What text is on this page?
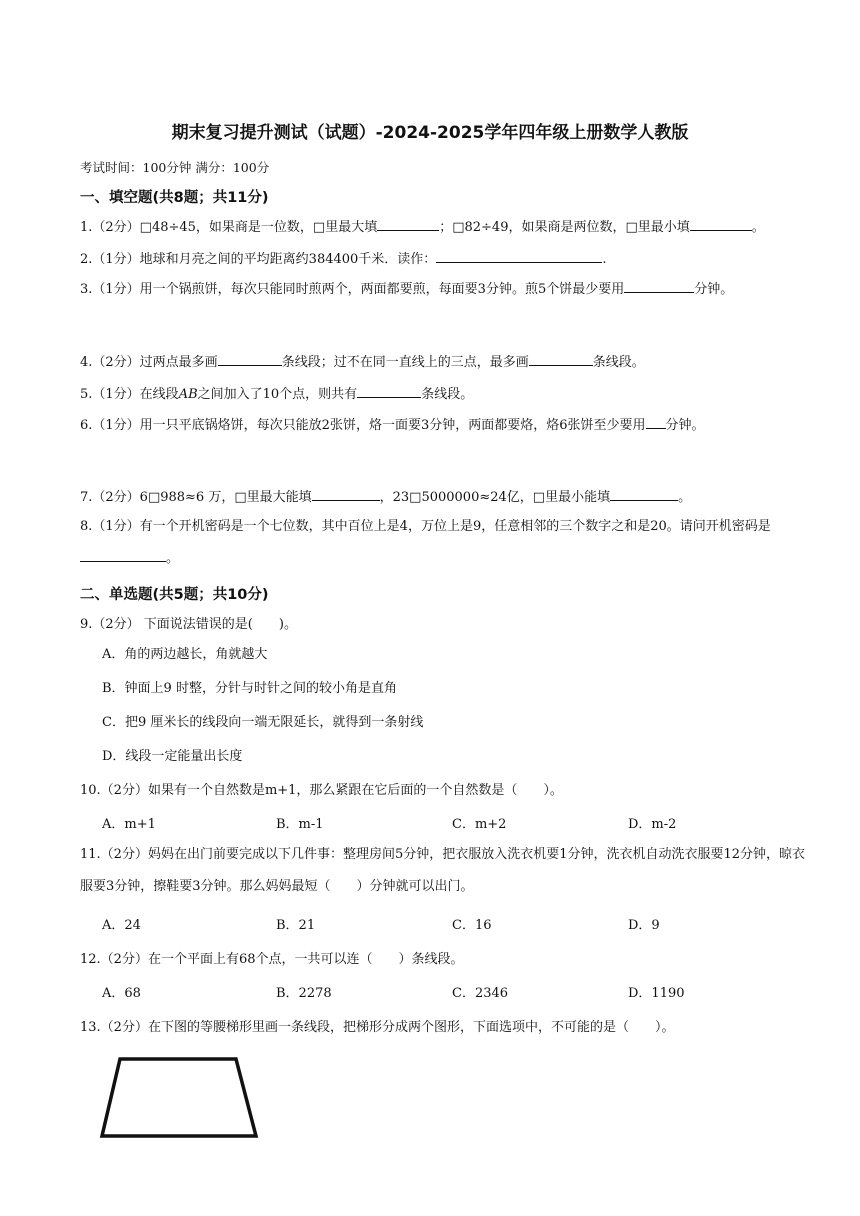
期末复习提升测试（试题）-2024-2025学年四年级上册数学人教版
考试时间：100分钟 满分：100分
一、填空题(共8题；共11分)
1.（2分）□48÷45，如果商是一位数，□里最大填	；□82÷49，如果商是两位数，□里最小填	。
2.（1分）地球和月亮之间的平均距离约384400千米．读作：	.
3.（1分）用一个锅煎饼，每次只能同时煎两个，两面都要煎，每面要3分钟。煎5个饼最少要用	分钟。
4.（2分）过两点最多画	条线段；过不在同一直线上的三点，最多画	条线段。
5.（1分）在线段AB之间加入了10个点，则共有	条线段。
6.（1分）用一只平底锅烙饼，每次只能放2张饼，烙一面要3分钟，两面都要烙，烙6张饼至少要用 分钟。
7.（2分）6□988≈6 万，□里最大能填	，23□5000000≈24亿，□里最小能填	。
8.（1分）有一个开机密码是一个七位数，其中百位上是4，万位上是9，任意相邻的三个数字之和是20。请问开机密码是。
二、单选题(共5题；共10分)
9.（2分） 下面说法错误的是(　　)。
A．角的两边越长，角就越大
B．钟面上9 时整，分针与时针之间的较小角是直角
C．把9 厘米长的线段向一端无限延长，就得到一条射线
D．线段一定能量出长度
10.（2分）如果有一个自然数是m+1，那么紧跟在它后面的一个自然数是（　　）。
A．m+1	B．m-1	C．m+2	D．m-2
11.（2分）妈妈在出门前要完成以下几件事：整理房间5分钟，把衣服放入洗衣机要1分钟，洗衣机自动洗衣服要12分钟，晾衣服要3分钟，擦鞋要3分钟。那么妈妈最短（　　）分钟就可以出门。
A．24	B．21	C．16	D．9
12.（2分）在一个平面上有68个点，一共可以连（　　）条线段。
A．68	B．2278	C．2346	D．1190
13.（2分）在下图的等腰梯形里画一条线段，把梯形分成两个图形，下面选项中，不可能的是（　　）。
